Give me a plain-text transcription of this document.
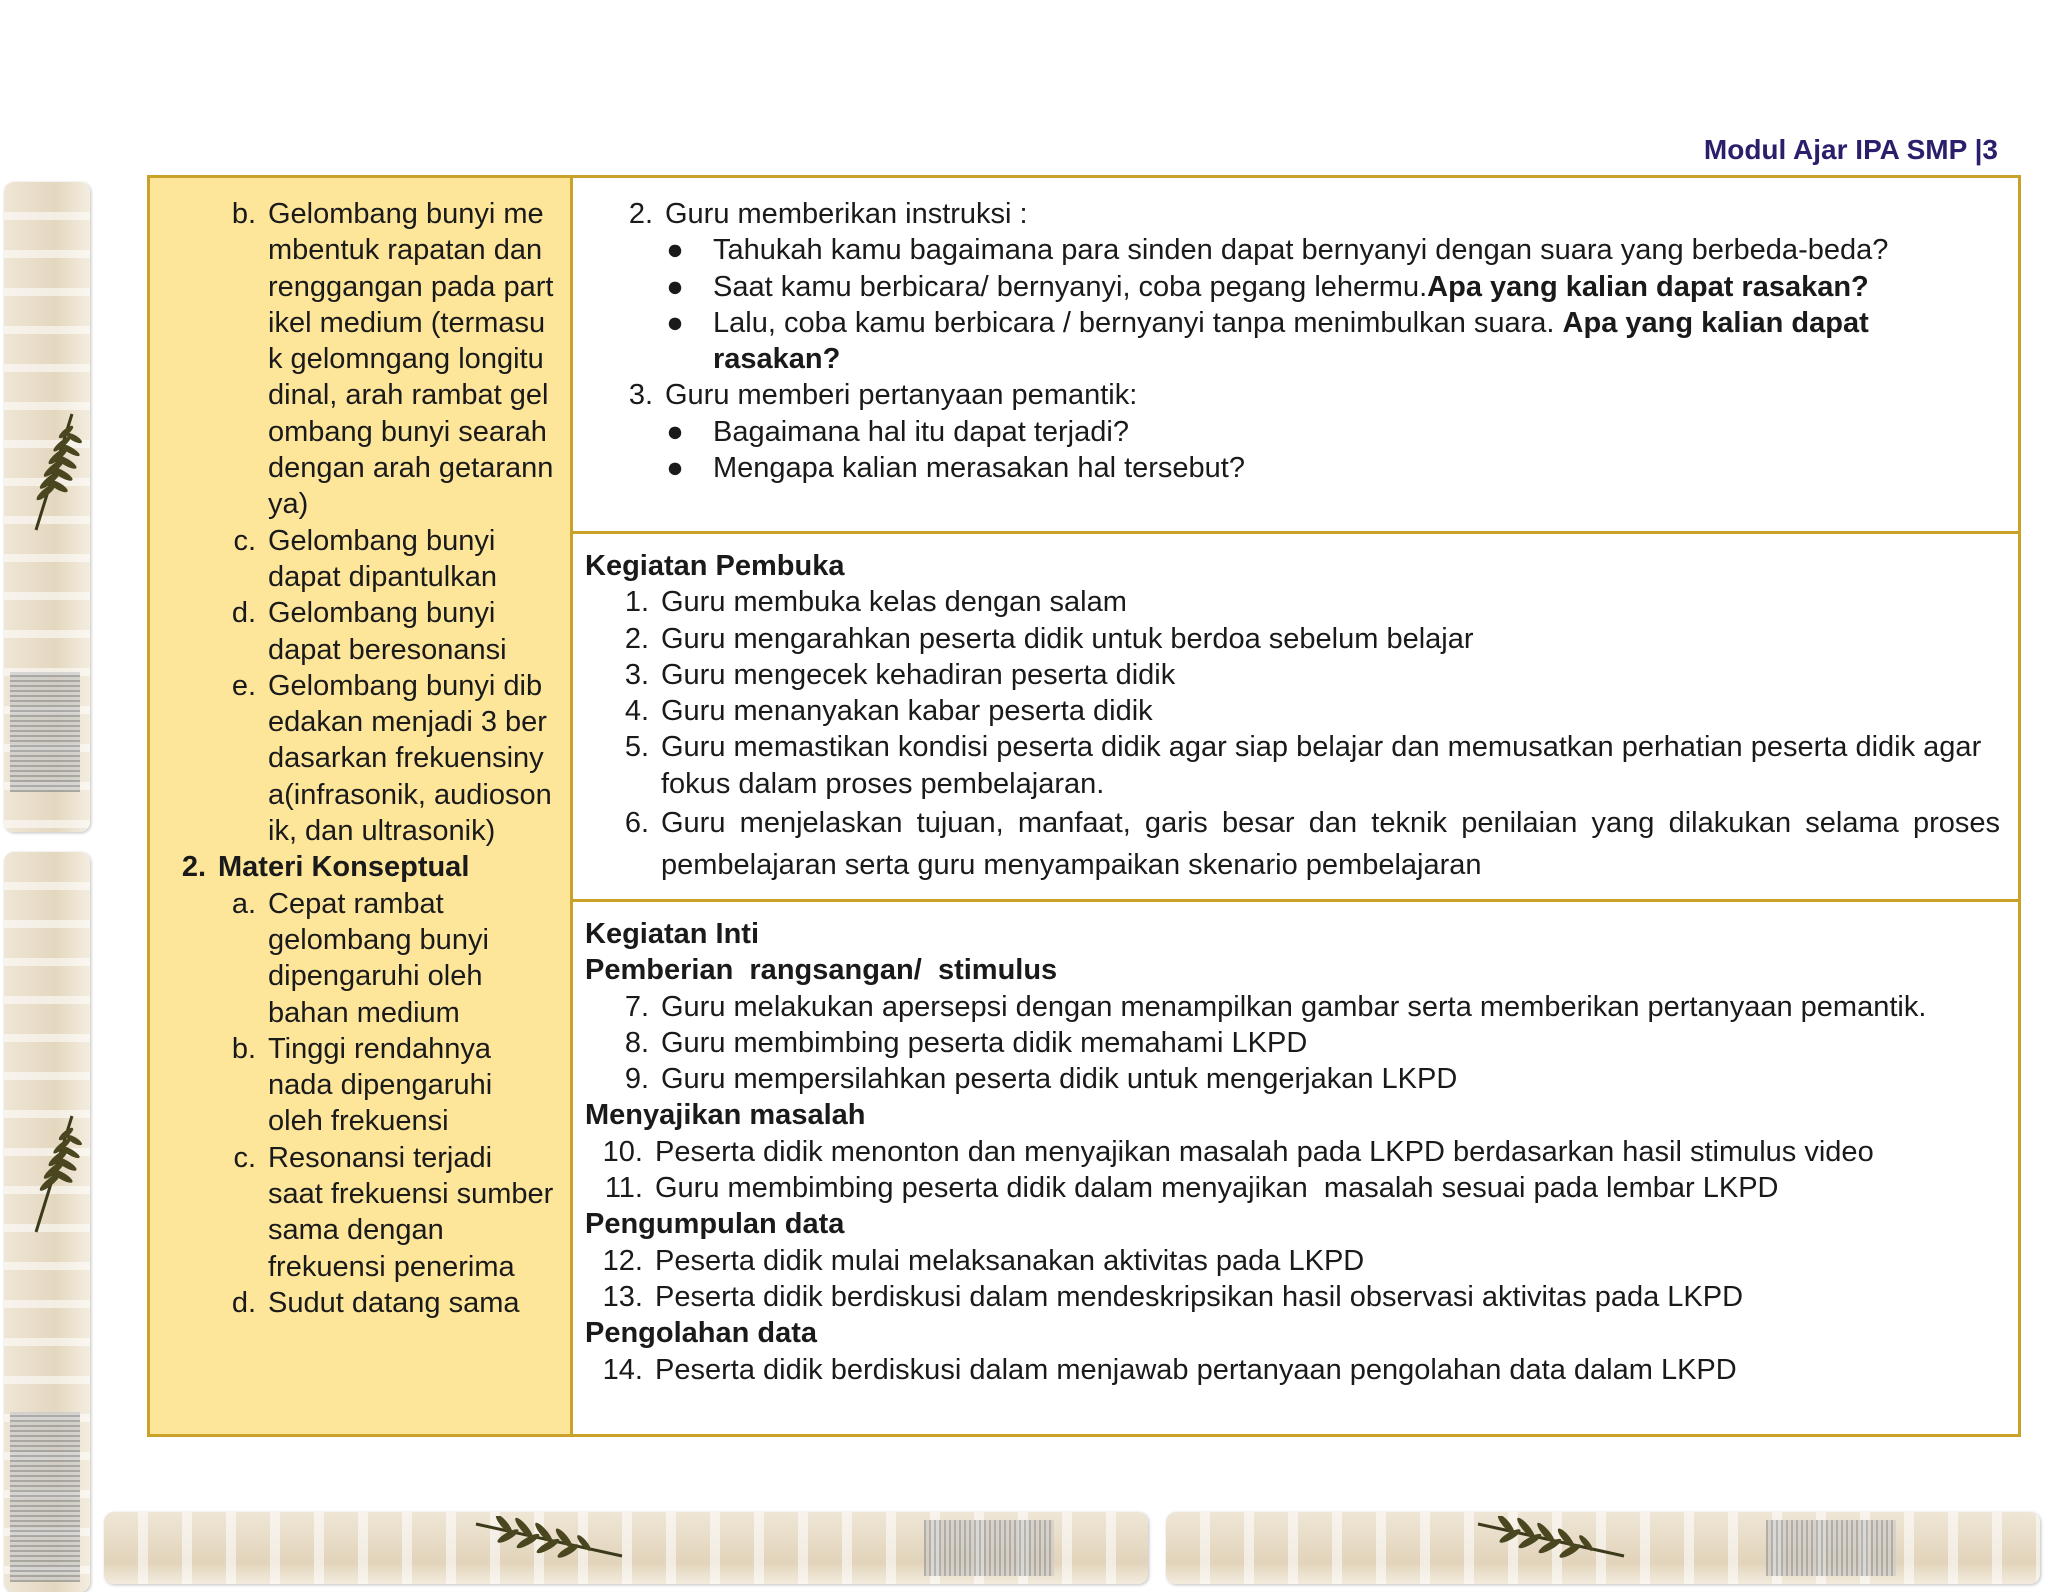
Modul Ajar IPA SMP |3
b. Gelombang bunyi membentuk rapatan dan renggangan pada partikel medium (termasuk gelomngang longitudinal, arah rambat gelombang bunyi searah dengan arah getarannya)
c. Gelombang bunyi dapat dipantulkan
d. Gelombang bunyi dapat beresonansi
e. Gelombang bunyi dibedakan menjadi 3 berdasarkan frekuensinya(infrasonik, audiosonik, dan ultrasonik)
2. Materi Konseptual
a. Cepat rambat gelombang bunyi dipengaruhi oleh bahan medium
b. Tinggi rendahnya nada dipengaruhi oleh frekuensi
c. Resonansi terjadi saat frekuensi sumber sama dengan frekuensi penerima
d. Sudut datang sama
2. Guru memberikan instruksi :
●	Tahukah kamu bagaimana para sinden dapat bernyanyi dengan suara yang berbeda-beda?
●	Saat kamu berbicara/ bernyanyi, coba pegang lehermu.Apa yang kalian dapat rasakan?
●	Lalu, coba kamu berbicara / bernyanyi tanpa menimbulkan suara. Apa yang kalian dapat rasakan?
3. Guru memberi pertanyaan pemantik:
●	Bagaimana hal itu dapat terjadi?
●	Mengapa kalian merasakan hal tersebut?
Kegiatan Pembuka
1. Guru membuka kelas dengan salam
2. Guru mengarahkan peserta didik untuk berdoa sebelum belajar
3. Guru mengecek kehadiran peserta didik
4. Guru menanyakan kabar peserta didik
5. Guru memastikan kondisi peserta didik agar siap belajar dan memusatkan perhatian peserta didik agar fokus dalam proses pembelajaran.
6. Guru menjelaskan tujuan, manfaat, garis besar dan teknik penilaian yang dilakukan selama proses pembelajaran serta guru menyampaikan skenario pembelajaran
Kegiatan Inti
Pemberian  rangsangan/  stimulus
7. Guru melakukan apersepsi dengan menampilkan gambar serta memberikan pertanyaan pemantik.
8. Guru membimbing peserta didik memahami LKPD
9. Guru mempersilahkan peserta didik untuk mengerjakan LKPD
Menyajikan masalah
10. Peserta didik menonton dan menyajikan masalah pada LKPD berdasarkan hasil stimulus video
11. Guru membimbing peserta didik dalam menyajikan  masalah sesuai pada lembar LKPD
Pengumpulan data
12. Peserta didik mulai melaksanakan aktivitas pada LKPD
13. Peserta didik berdiskusi dalam mendeskripsikan hasil observasi aktivitas pada LKPD
Pengolahan data
14. Peserta didik berdiskusi dalam menjawab pertanyaan pengolahan data dalam LKPD
